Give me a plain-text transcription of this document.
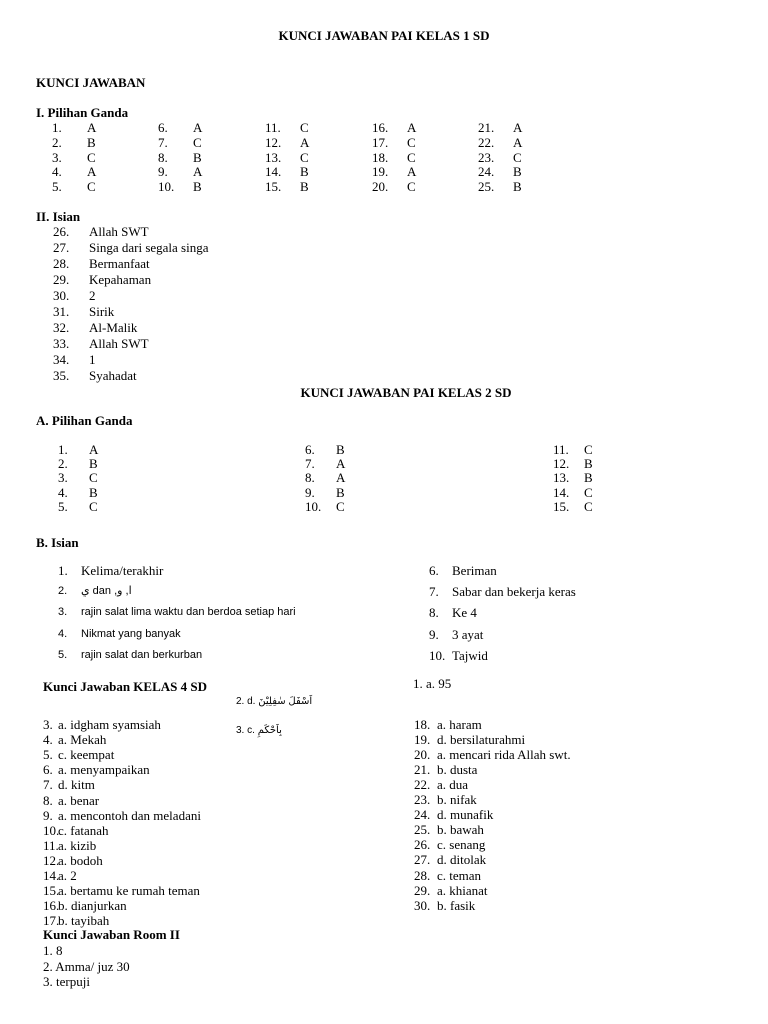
KUNCI JAWABAN PAI KELAS 1 SD
KUNCI JAWABAN
I. Pilihan Ganda
1. A
2. B
3. C
4. A
5. C
6. A
7. C
8. B
9. A
10. B
11. C
12. A
13. C
14. B
15. B
16. A
17. C
18. C
19. A
20. C
21. A
22. A
23. C
24. B
25. B
II. Isian
26. Allah SWT
27. Singa dari segala singa
28. Bermanfaat
29. Kepahaman
30. 2
31. Sirik
32. Al-Malik
33. Allah SWT
34. 1
35. Syahadat
KUNCI JAWABAN PAI KELAS 2 SD
A. Pilihan Ganda
1. A
2. B
3. C
4. B
5. C
6. B
7. A
8. A
9. B
10. C
11. C
12. B
13. B
14. C
15. C
B. Isian
1. Kelima/terakhir
2. ي dan ,ا, و
3. rajin salat lima waktu dan berdoa setiap hari
4. Nikmat yang banyak
5. rajin salat dan berkurban
6. Beriman
7. Sabar dan bekerja keras
8. Ke 4
9. 3 ayat
10. Tajwid
Kunci Jawaban KELAS 4 SD
2. d. اَسْفَلَ سٰفِلِيْنَ
3. c. بِاَحْكَمِ
1. a. 95
3. a. idgham syamsiah
4. a. Mekah
5. c. keempat
6. a. menyampaikan
7. d. kitm
8. a. benar
9. a. mencontoh dan meladani
10.
c. fatanah
11. a. kizib
12.
a. bodoh
14.
a. 2
15.
a. bertamu ke rumah teman
16.
b. dianjurkan
17.
b. tayibah
18. a. haram
19. d. bersilaturahmi
20. a. mencari rida Allah swt.
21. b. dusta
22. a. dua
23. b. nifak
24. d. munafik
25. b. bawah
26. c. senang
27. d. ditolak
28. c. teman
29. a. khianat
30. b. fasik
Kunci Jawaban Room II
1. 8
2. Amma/ juz 30
3. terpuji
